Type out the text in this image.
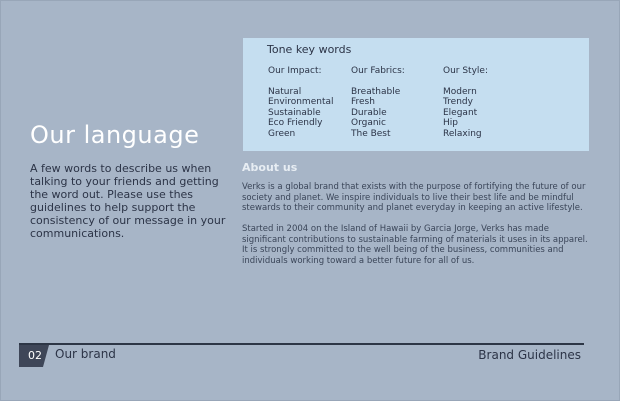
Our language
A few words to describe us when talking to your friends and getting the word out. Please use thes guidelines to help support the consistency of our message in your communications.
Tone key words
Our Impact:
Natural
Environmental
Sustainable
Eco Friendly
Green
Our Fabrics:
Breathable
Fresh
Durable
Organic
The Best
Our Style:
Modern
Trendy
Elegant
Hip
Relaxing
About us

Verks is a global brand that exists with the purpose of fortifying the future of our society and planet. We inspire individuals to live their best life and be mindful stewards to their community and planet everyday in keeping an active lifestyle.

Started in 2004 on the Island of Hawaii by Garcia Jorge, Verks has made significant contributions to sustainable farming of materials it uses in its apparel. It is strongly committed to the well being of the business, communities and individuals working toward a better future for all of us.

02 Our brand	Brand Guidelines
